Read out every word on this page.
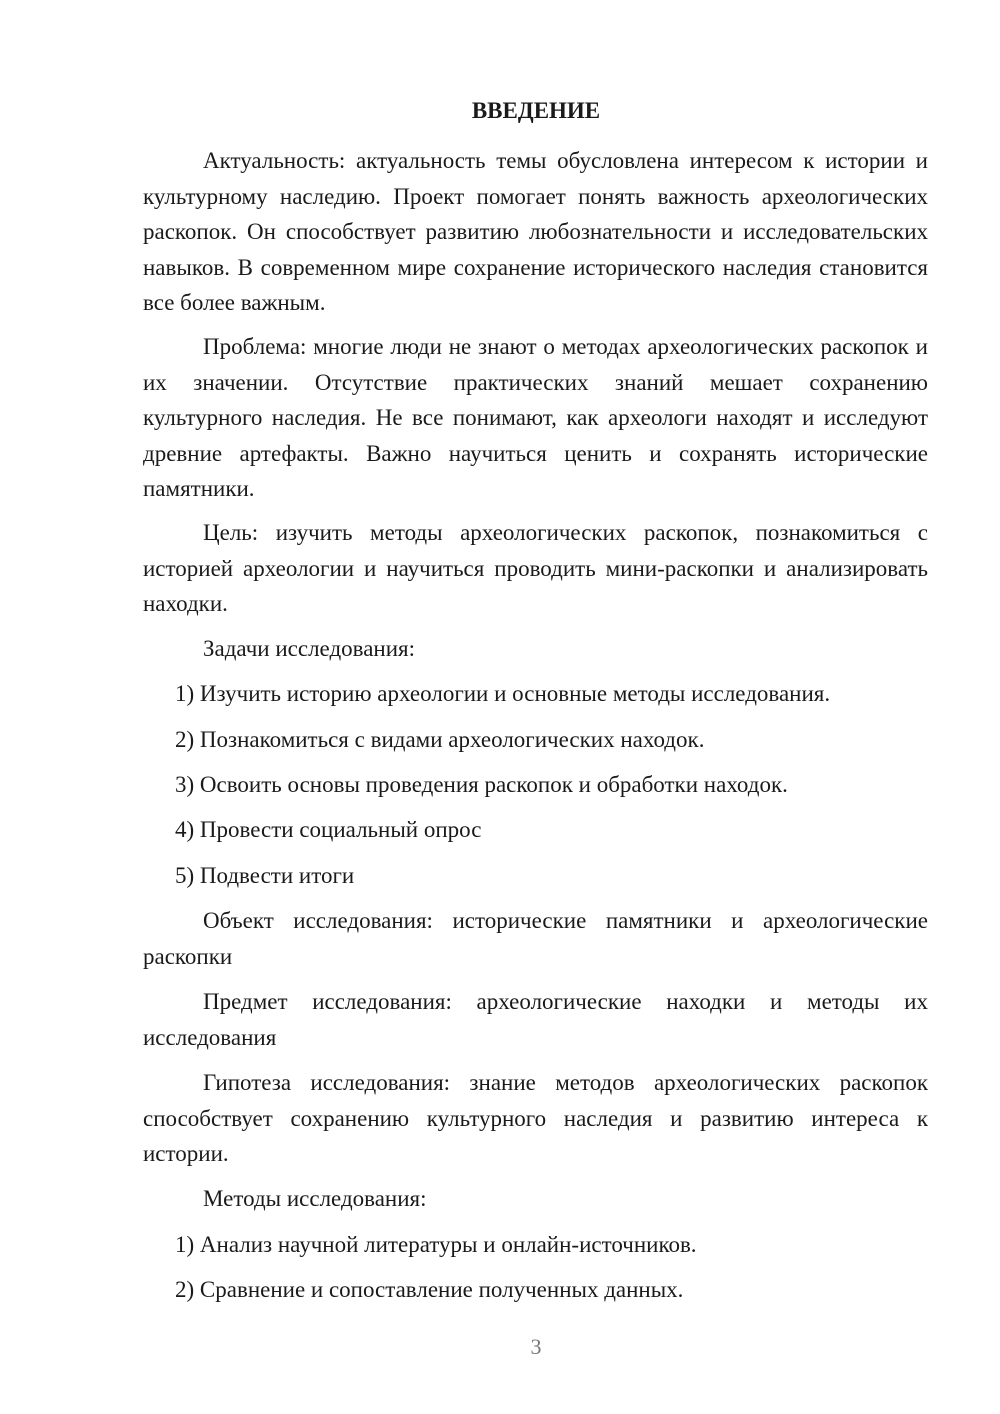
ВВЕДЕНИЕ
Актуальность: актуальность темы обусловлена интересом к истории и культурному наследию. Проект помогает понять важность археологических раскопок. Он способствует развитию любознательности и исследовательских навыков. В современном мире сохранение исторического наследия становится все более важным.
Проблема: многие люди не знают о методах археологических раскопок и их значении. Отсутствие практических знаний мешает сохранению культурного наследия. Не все понимают, как археологи находят и исследуют древние артефакты. Важно научиться ценить и сохранять исторические памятники.
Цель: изучить методы археологических раскопок, познакомиться с историей археологии и научиться проводить мини-раскопки и анализировать находки.
Задачи исследования:
1) Изучить историю археологии и основные методы исследования.
2) Познакомиться с видами археологических находок.
3) Освоить основы проведения раскопок и обработки находок.
4) Провести социальный опрос
5) Подвести итоги
Объект исследования: исторические памятники и археологические раскопки
Предмет исследования: археологические находки и методы их исследования
Гипотеза исследования: знание методов археологических раскопок способствует сохранению культурного наследия и развитию интереса к истории.
Методы исследования:
1) Анализ научной литературы и онлайн-источников.
2) Сравнение и сопоставление полученных данных.
3
